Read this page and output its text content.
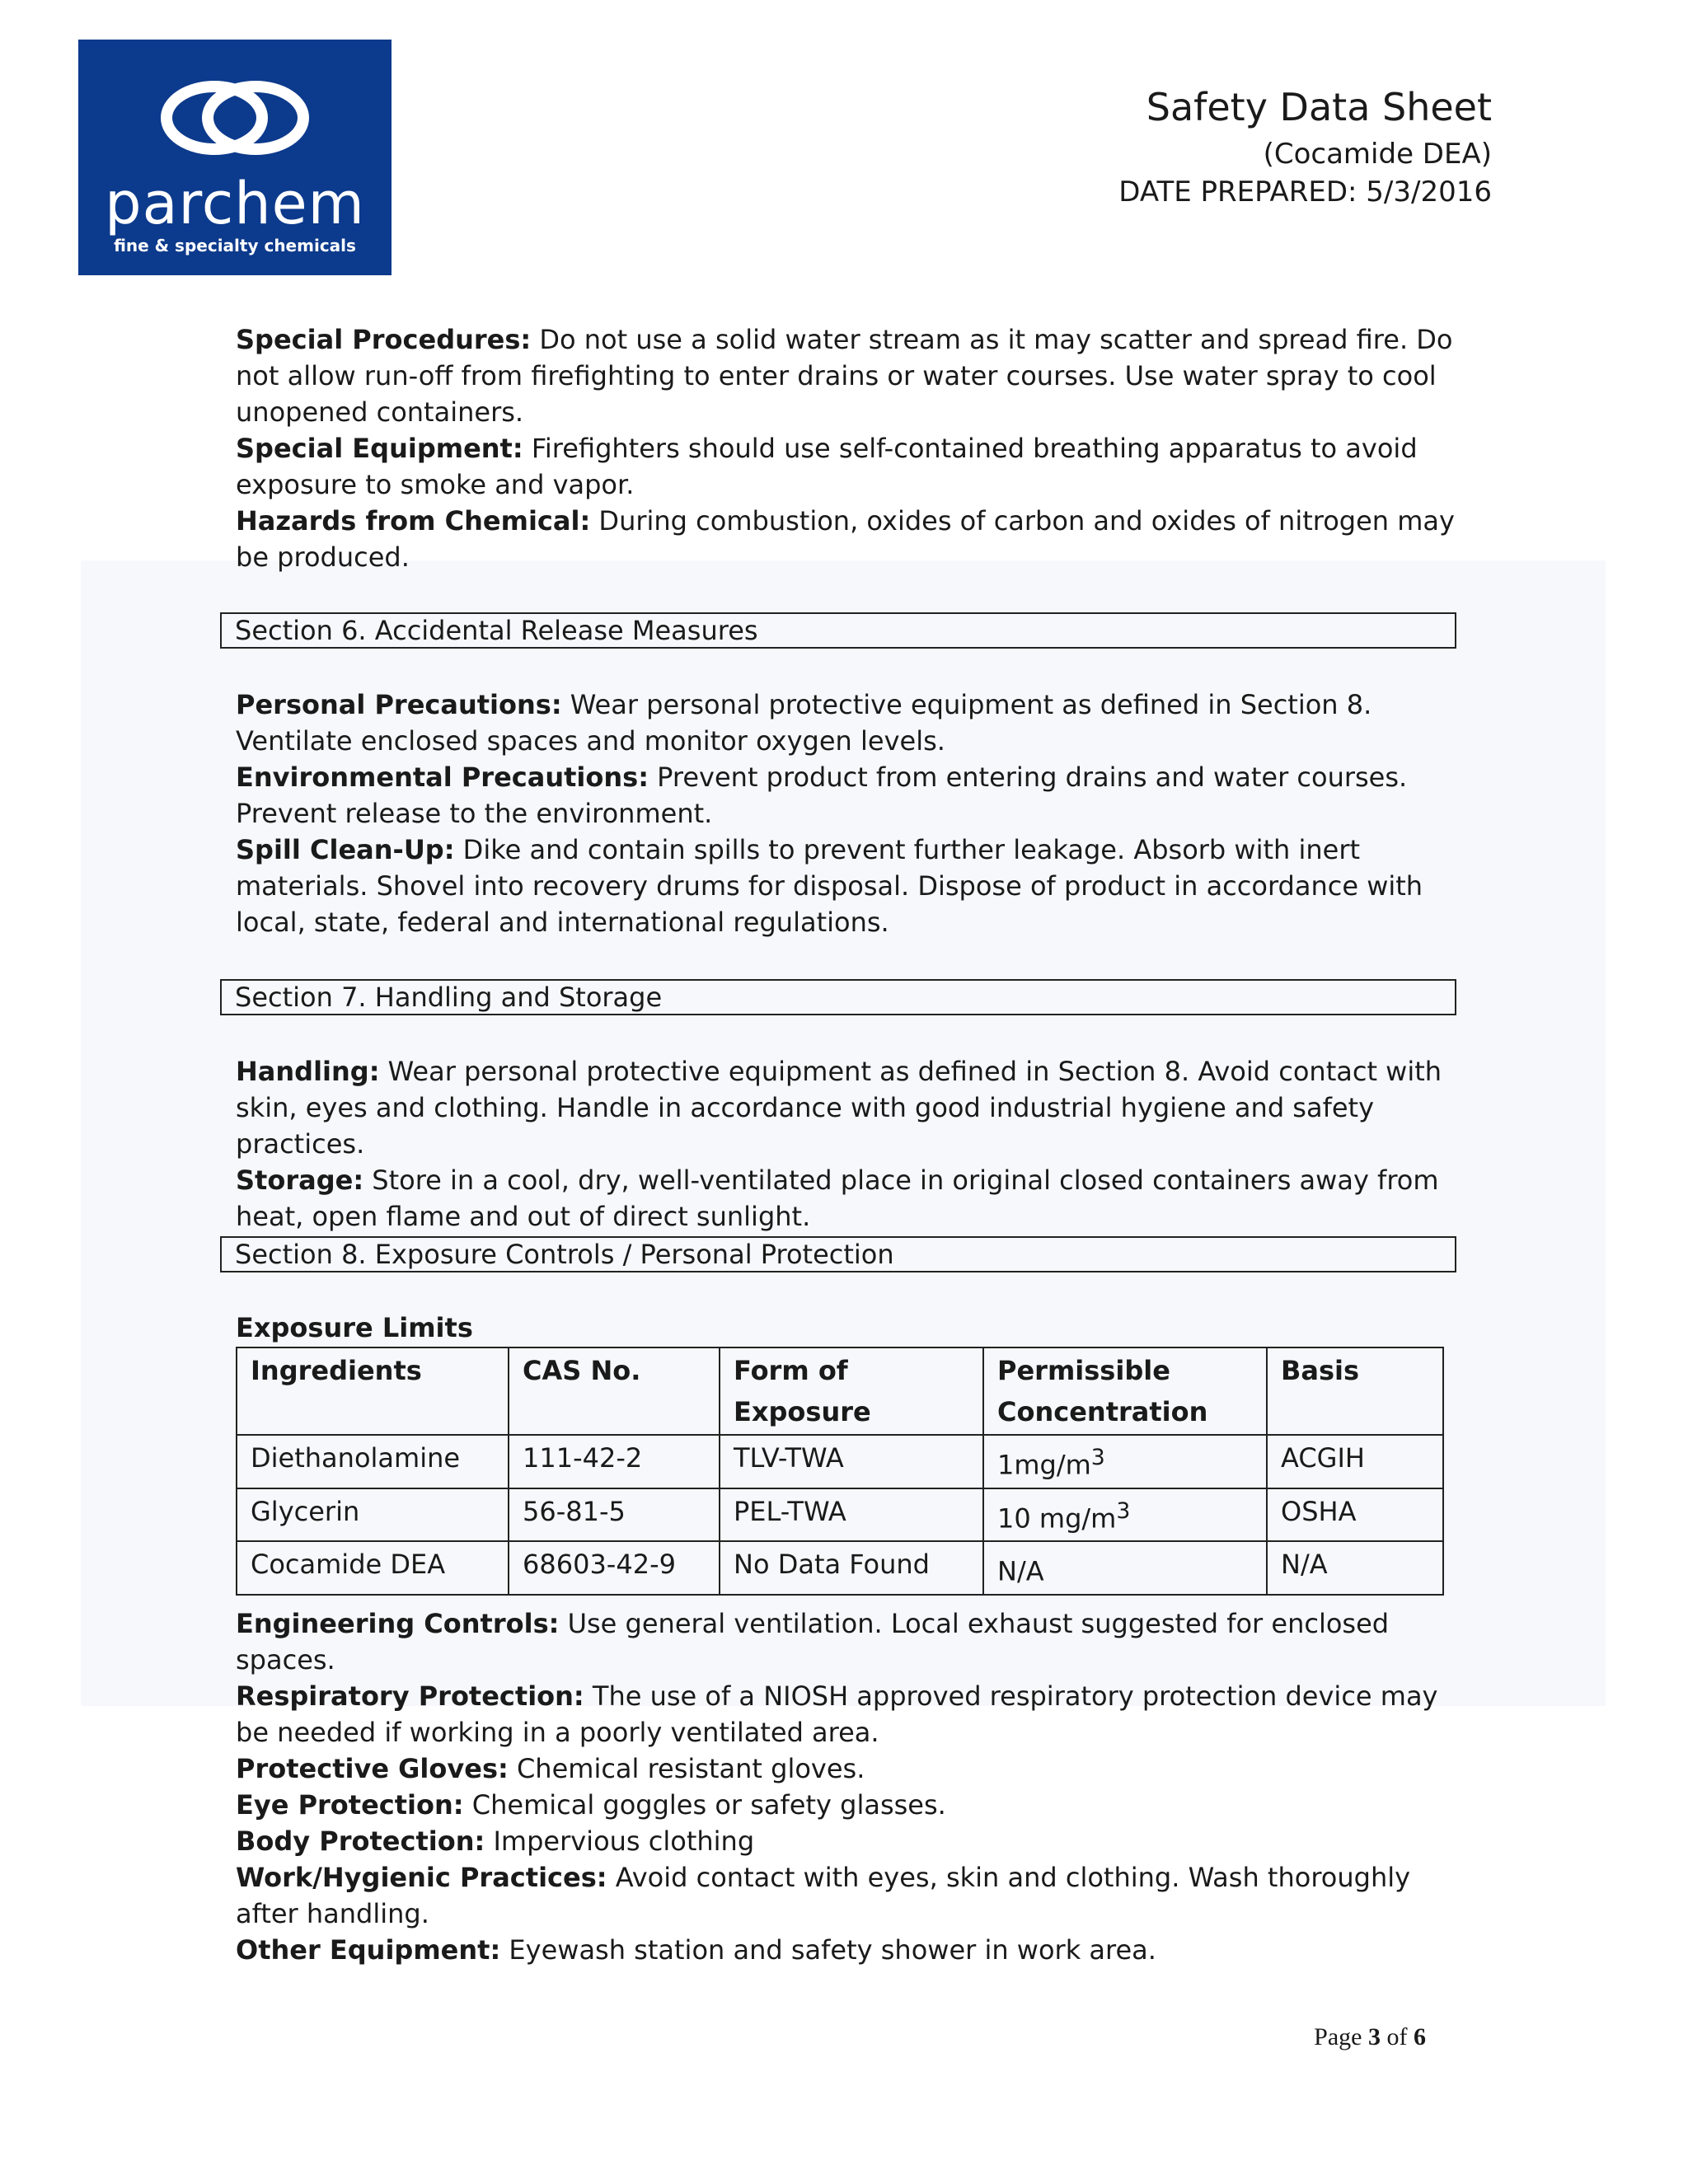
parchem
fine & specialty chemicals
Safety Data Sheet
(Cocamide DEA)
DATE PREPARED: 5/3/2016

Special Procedures: Do not use a solid water stream as it may scatter and spread fire. Do not allow run-off from firefighting to enter drains or water courses. Use water spray to cool unopened containers.

Special Equipment: Firefighters should use self-contained breathing apparatus to avoid exposure to smoke and vapor.

Hazards from Chemical: During combustion, oxides of carbon and oxides of nitrogen may be produced.

Section 6. Accidental Release Measures

Personal Precautions: Wear personal protective equipment as defined in Section 8. Ventilate enclosed spaces and monitor oxygen levels.

Environmental Precautions: Prevent product from entering drains and water courses. Prevent release to the environment.

Spill Clean-Up: Dike and contain spills to prevent further leakage. Absorb with inert materials. Shovel into recovery drums for disposal. Dispose of product in accordance with local, state, federal and international regulations.

Section 7. Handling and Storage

Handling: Wear personal protective equipment as defined in Section 8. Avoid contact with skin, eyes and clothing. Handle in accordance with good industrial hygiene and safety practices.

Storage: Store in a cool, dry, well-ventilated place in original closed containers away from heat, open flame and out of direct sunlight.

Section 8. Exposure Controls / Personal Protection
Exposure Limits
Ingredients	CAS No.	Form of Exposure	Permissible Concentration	Basis
Diethanolamine	111-42-2	TLV-TWA	$1mg/m^3$	ACGIH
Glycerin	56-81-5	PEL-TWA	10 $mg/m^3$	OSHA
Cocamide DEA	68603-42-9	No Data Found	N/A	N/A

Engineering Controls: Use general ventilation. Local exhaust suggested for enclosed spaces.

Respiratory Protection: The use of a NIOSH approved respiratory protection device may be needed if working in a poorly ventilated area.

Protective Gloves: Chemical resistant gloves.

Eye Protection: Chemical goggles or safety glasses.

Body Protection: Impervious clothing

Work/Hygienic Practices: Avoid contact with eyes, skin and clothing. Wash thoroughly after handling.

Other Equipment: Eyewash station and safety shower in work area.

Page 3 of 6
